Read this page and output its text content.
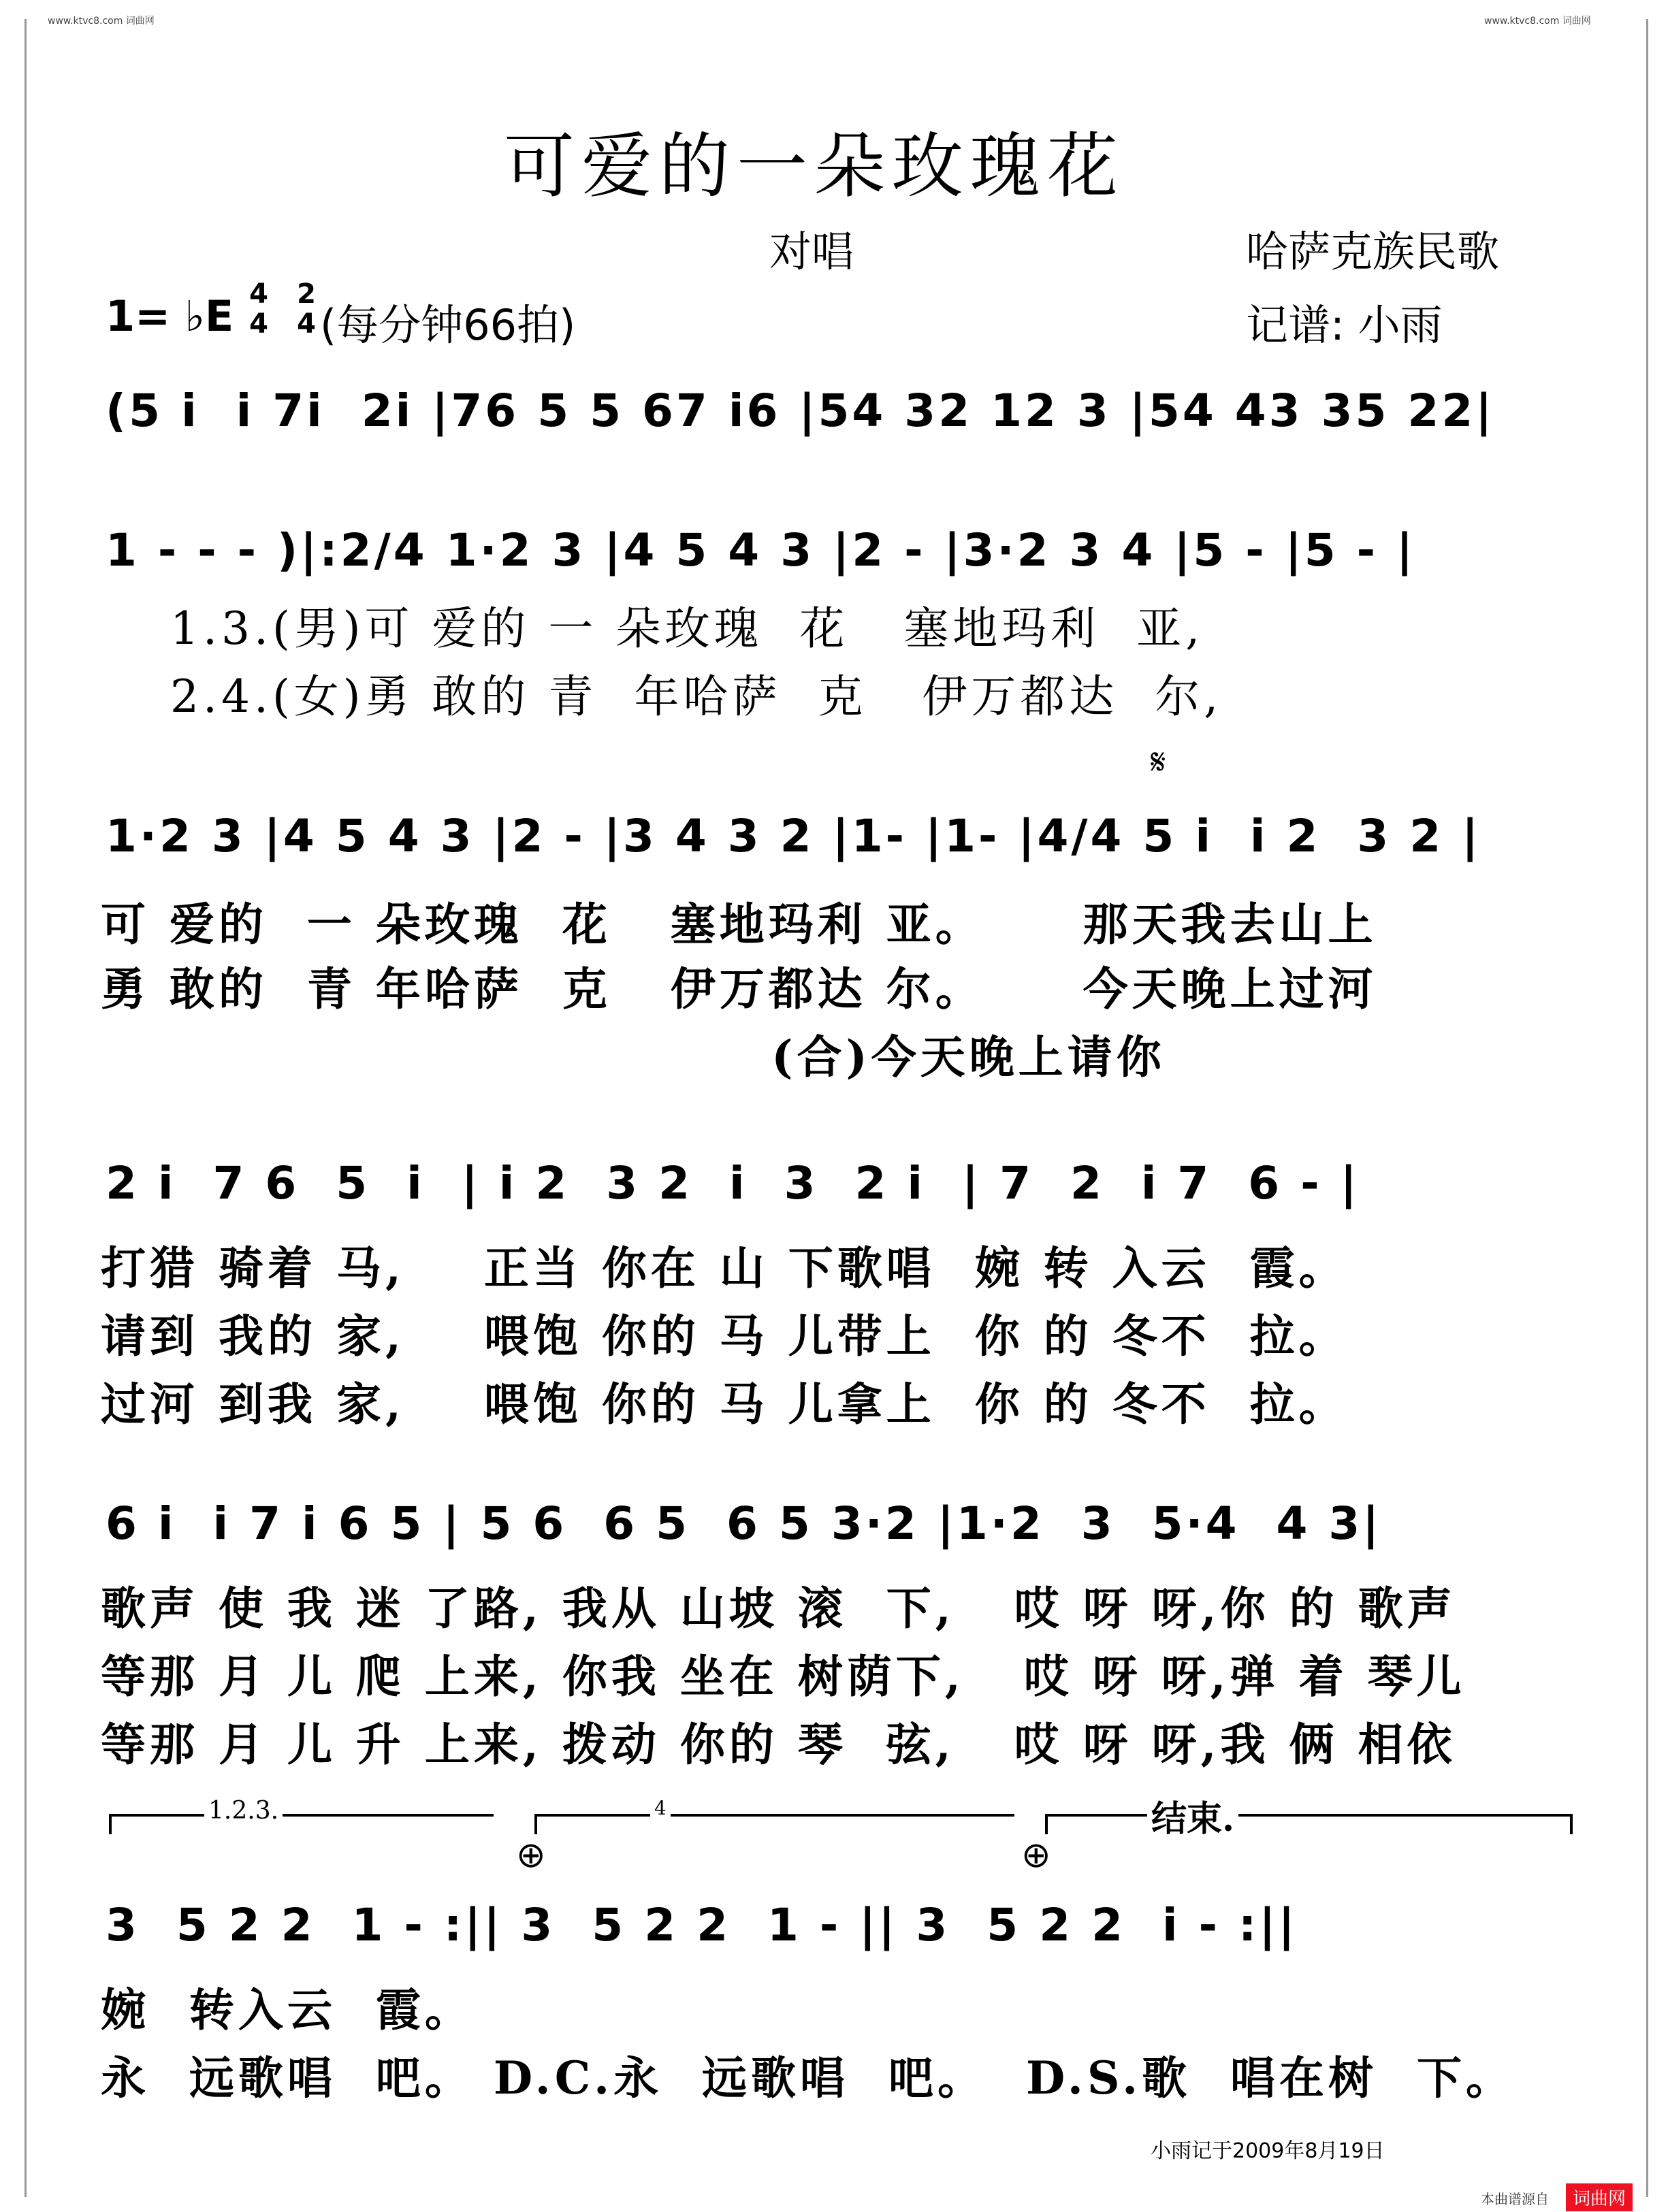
www.ktvc8.com 词曲网	www.ktvc8.com 词曲网
可爱的一朵玫瑰花
对唱	哈萨克族民歌
1= ♭E 4
4
2
4 (每分钟66拍)	记谱: 小雨
(5 i  i 7i  2i |76 5 5 67 i6 |54 32 12 3 |54 43 35 22|
1 - - - )|:2/4 1·2 3 |4 5 4 3 |2 - |3·2 3 4 |5 - |5 - |
1.3.(男)可 爱的 一 朵玫瑰  花   塞地玛利  亚,
2.4.(女)勇 敢的 青  年哈萨  克   伊万都达  尔,
𝄋
1·2 3 |4 5 4 3 |2 - |3 4 3 2 |1- |1- |4/4 5 i  i 2  3 2 |
可 爱的  一 朵玫瑰  花   塞地玛利 亚。     那天我去山上
勇 敢的  青 年哈萨  克   伊万都达 尔。     今天晚上过河
(合)今天晚上请你
2 i  7 6  5  i  | i 2  3 2  i  3  2 i  | 7  2  i 7  6 - |
打猎 骑着 马,    正当 你在 山 下歌唱  婉 转 入云  霞。
请到 我的 家,    喂饱 你的 马 儿带上  你 的 冬不  拉。
过河 到我 家,    喂饱 你的 马 儿拿上  你 的 冬不  拉。
6 i  i 7 i 6 5 | 5 6  6 5  6 5 3·2 |1·2  3  5·4  4 3|
歌声 使 我 迷 了路, 我从 山坡 滚  下,   哎 呀 呀,你 的 歌声
等那 月 儿 爬 上来, 你我 坐在 树荫下,   哎 呀 呀,弹 着 琴儿
等那 月 儿 升 上来, 拨动 你的 琴  弦,   哎 呀 呀,我 俩 相依
1.2.3.	4	结束.
⊕	⊕
3  5 2 2  1 - :|| 3  5 2 2  1 - || 3  5 2 2  i - :||
婉  转入云  霞。
永  远歌唱  吧。 D.C.永  远歌唱  吧。  D.S.歌  唱在树  下。
小雨记于2009年8月19日
本曲谱源自	词曲网
